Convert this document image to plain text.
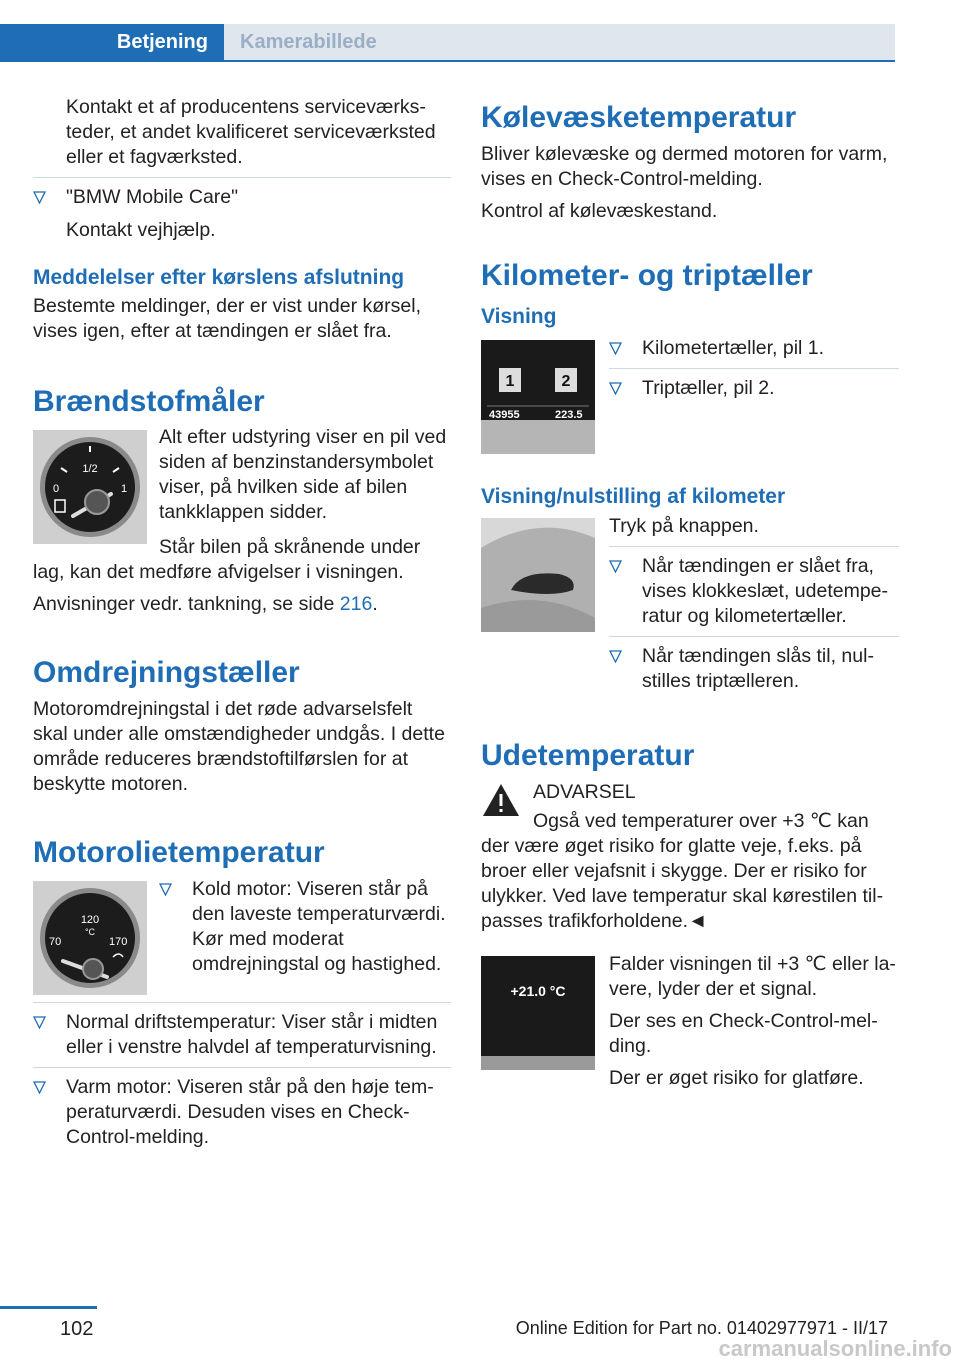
Betjening	Kamerabillede

Kontakt et af producentens serviceværksteder, et andet kvalificeret serviceværksted eller et fagværksted.

"BMW Mobile Care"
Kontakt vejhjælp.
Meddelelser efter kørslens afslutning

Bestemte meldinger, der er vist under kørsel, vises igen, efter at tændingen er slået fra.

Brændstofmåler
1/2
0	1

Alt efter udstyring viser en pil ved siden af benzinstandersymbolet viser, på hvilken side af bilen tankklappen sidder.

Står bilen på skrånende under

lag, kan det medføre afvigelser i visningen.

Anvisninger vedr. tankning, se side 216.

Omdrejningstæller

Motoromdrejningstal i det røde advarselsfelt skal under alle omstændigheder undgås. I dette område reduceres brændstoftilførslen for at beskytte motoren.

Motorolietemperatur
120
°C
70	170
Kold motor: Viseren står på den laveste temperaturværdi. Kør med moderat omdrejningstal og hastighed.
Normal driftstemperatur: Viser står i midten eller i venstre halvdel af temperaturvisning.
Varm motor: Viseren står på den høje temperaturværdi. Desuden vises en Check-Control-melding.
Kølevæsketemperatur

Bliver kølevæske og dermed motoren for varm, vises en Check-Control-melding.

Kontrol af kølevæskestand.

Kilometer- og triptæller
Visning
1	2
43955	223.5
Kilometertæller, pil 1.
Triptæller, pil 2.
Visning/nulstilling af kilometer

Tryk på knappen.

Når tændingen er slået fra, vises klokkeslæt, udetemperatur og kilometertæller.
Når tændingen slås til, nulstilles triptælleren.
Udetemperatur

ADVARSEL

Også ved temperaturer over +3 ℃ kan

der være øget risiko for glatte veje, f.eks. på broer eller vejafsnit i skygge. Der er risiko for ulykker. Ved lave temperatur skal kørestilen tilpasses trafikforholdene.◄

+21.0 °C

Falder visningen til +3 ℃ eller lavere, lyder der et signal.

Der ses en Check-Control-melding.

Der er øget risiko for glatføre.

102	Online Edition for Part no. 01402977971 - II/17
carmanualsonline.info
